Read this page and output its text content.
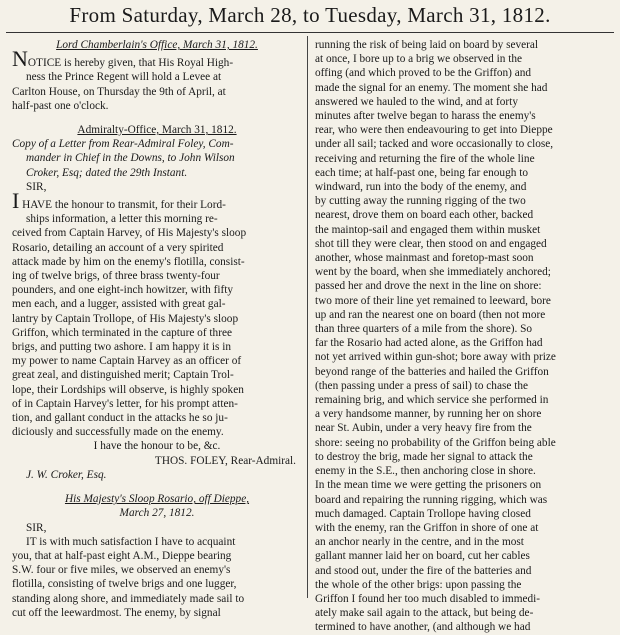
From Saturday, March 28, to Tuesday, March 31, 1812.

Lord Chamberlain's Office, March 31, 1812.

NOTICE is hereby given, that His Royal High-

ness the Prince Regent will hold a Levee at

Carlton House, on Thursday the 9th of April, at

half-past one o'clock.

Admiralty-Office, March 31, 1812.

Copy of a Letter from Rear-Admiral Foley, Com-

mander in Chief in the Downs, to John Wilson

Croker, Esq; dated the 29th Instant.

SIR,

I HAVE the honour to transmit, for their Lord-

ships information, a letter this morning re-

ceived from Captain Harvey, of His Majesty's sloop

Rosario, detailing an account of a very spirited

attack made by him on the enemy's flotilla, consist-

ing of twelve brigs, of three brass twenty-four

pounders, and one eight-inch howitzer, with fifty

men each, and a lugger, assisted with great gal-

lantry by Captain Trollope, of His Majesty's sloop

Griffon, which terminated in the capture of three

brigs, and putting two ashore. I am happy it is in

my power to name Captain Harvey as an officer of

great zeal, and distinguished merit; Captain Trol-

lope, their Lordships will observe, is highly spoken

of in Captain Harvey's letter, for his prompt atten-

tion, and gallant conduct in the attacks he so ju-

diciously and successfully made on the enemy.

I have the honour to be, &c.

THOS. FOLEY, Rear-Admiral.

J. W. Croker, Esq.

His Majesty's Sloop Rosario, off Dieppe,

March 27, 1812.

SIR,

IT is with much satisfaction I have to acquaint

you, that at half-past eight A.M., Dieppe bearing

S.W. four or five miles, we observed an enemy's

flotilla, consisting of twelve brigs and one lugger,

standing along shore, and immediately made sail to

cut off the leewardmost. The enemy, by signal

running the risk of being laid on board by several

at once, I bore up to a brig we observed in the

offing (and which proved to be the Griffon) and

made the signal for an enemy. The moment she had

answered we hauled to the wind, and at forty

minutes after twelve began to harass the enemy's

rear, who were then endeavouring to get into Dieppe

under all sail; tacked and wore occasionally to close,

receiving and returning the fire of the whole line

each time; at half-past one, being far enough to

windward, run into the body of the enemy, and

by cutting away the running rigging of the two

nearest, drove them on board each other, backed

the maintop-sail and engaged them within musket

shot till they were clear, then stood on and engaged

another, whose mainmast and foretop-mast soon

went by the board, when she immediately anchored;

passed her and drove the next in the line on shore:

two more of their line yet remained to leeward, bore

up and ran the nearest one on board (then not more

than three quarters of a mile from the shore). So

far the Rosario had acted alone, as the Griffon had

not yet arrived within gun-shot; bore away with prize

beyond range of the batteries and hailed the Griffon

(then passing under a press of sail) to chase the

remaining brig, and which service she performed in

a very handsome manner, by running her on shore

near St. Aubin, under a very heavy fire from the

shore: seeing no probability of the Griffon being able

to destroy the brig, made her signal to attack the

enemy in the S.E., then anchoring close in shore.

In the mean time we were getting the prisoners on

board and repairing the running rigging, which was

much damaged. Captain Trollope having closed

with the enemy, ran the Griffon in shore of one at

an anchor nearly in the centre, and in the most

gallant manner laid her on board, cut her cables

and stood out, under the fire of the batteries and

the whole of the other brigs: upon passing the

Griffon I found her too much disabled to immedi-

ately make sail again to the attack, but being de-

termined to have another, (and although we had
